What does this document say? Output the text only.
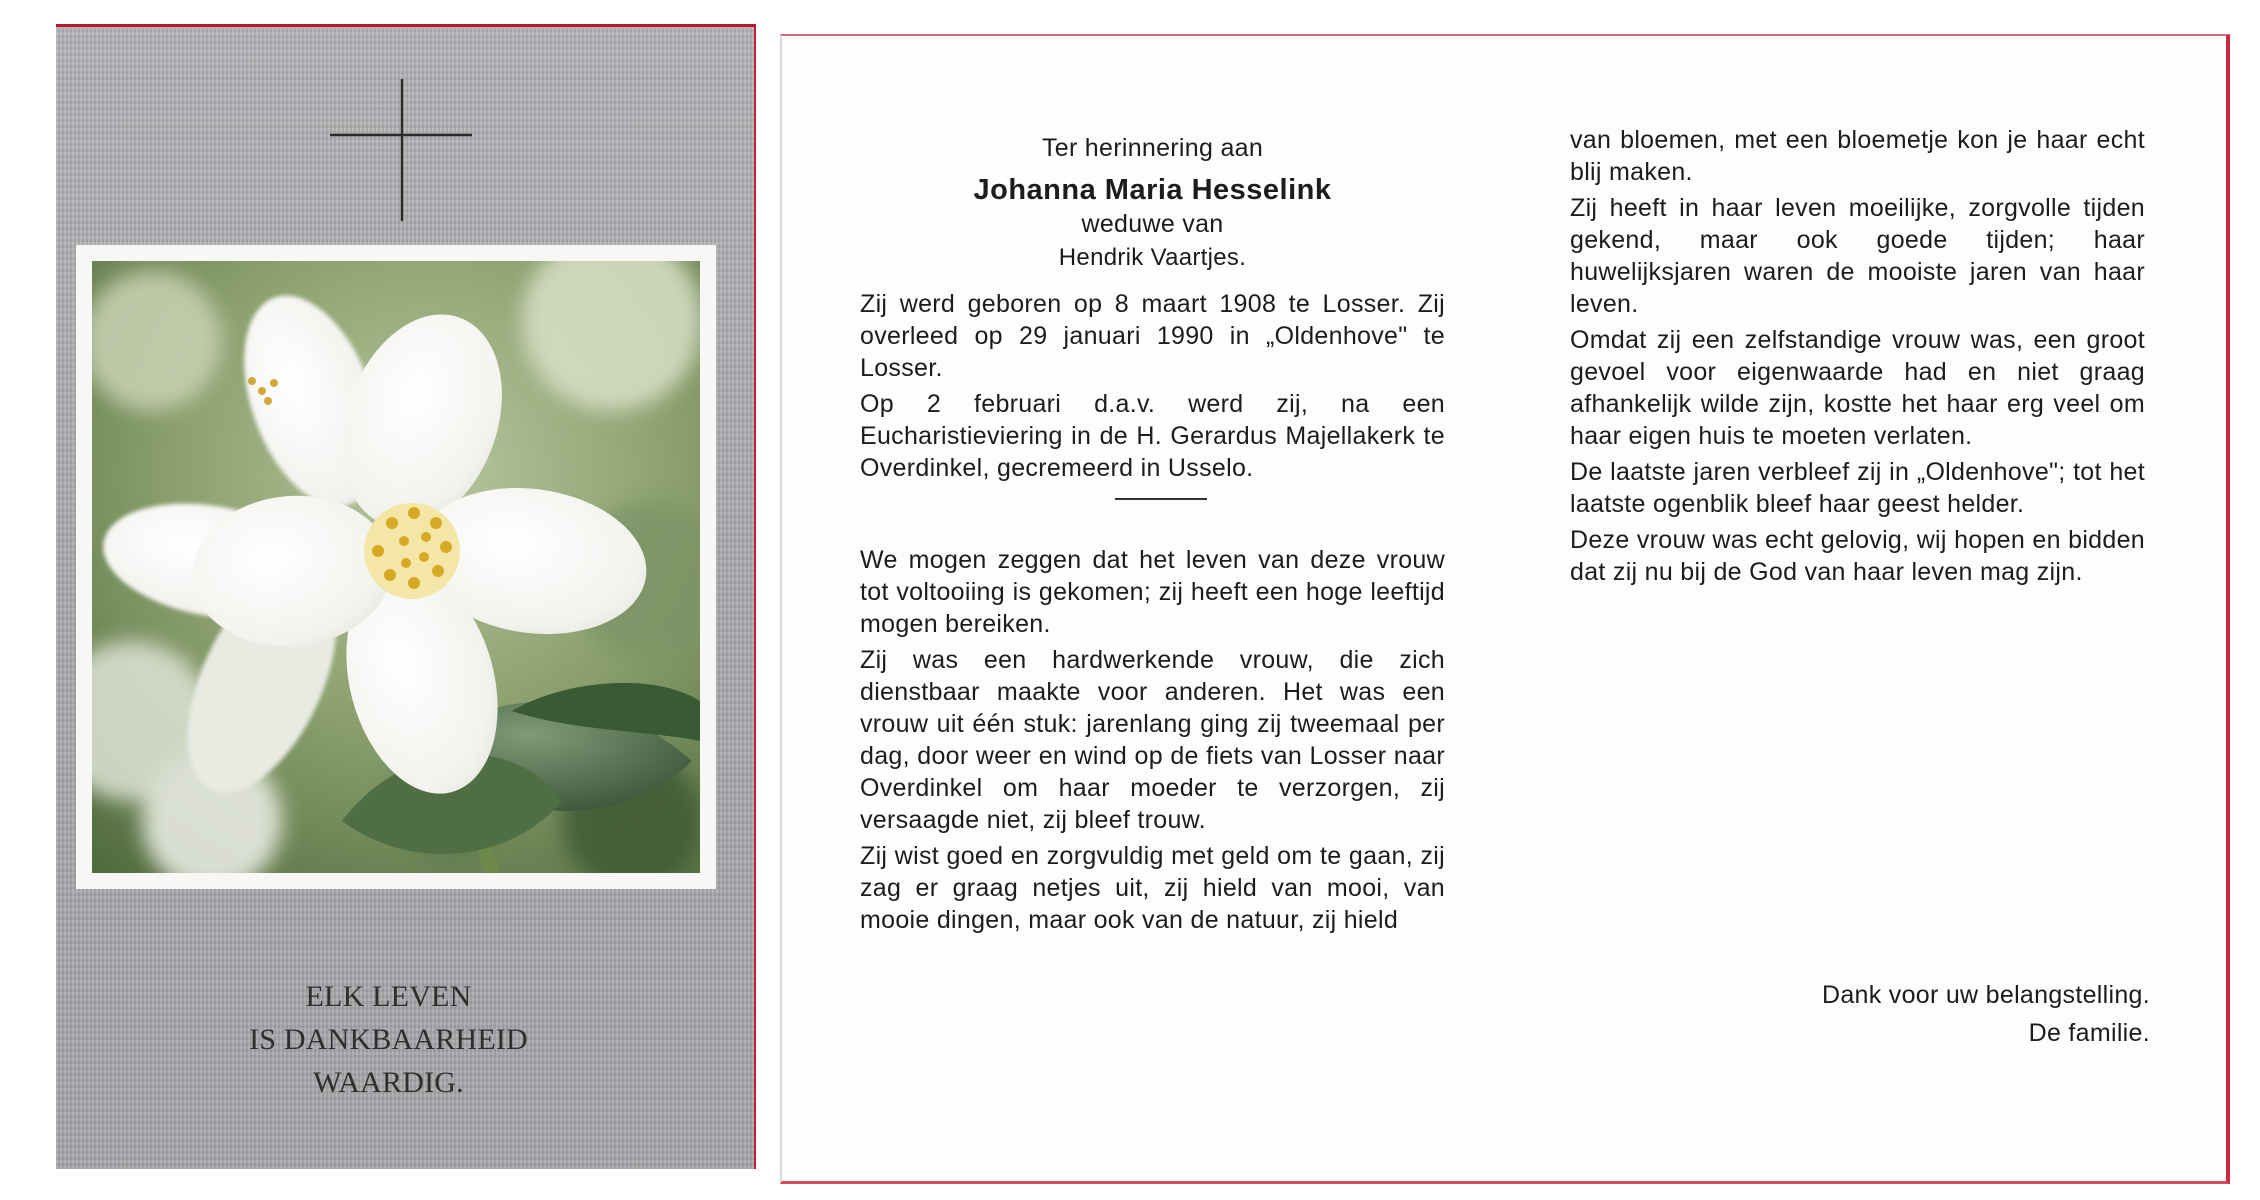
ELK LEVEN
IS DANKBAARHEID
WAARDIG.
Ter herinnering aan
Johanna Maria Hesselink
weduwe van
Hendrik Vaartjes.

Zij werd geboren op 8 maart 1908 te Losser. Zij overleed op 29 januari 1990 in „Oldenhove" te Losser.

Op 2 februari d.a.v. werd zij, na een Eucharistieviering in de H. Gerardus Majellakerk te Overdinkel, gecremeerd in Usselo.

We mogen zeggen dat het leven van deze vrouw tot voltooiing is gekomen; zij heeft een hoge leeftijd mogen bereiken.

Zij was een hardwerkende vrouw, die zich dienstbaar maakte voor anderen. Het was een vrouw uit één stuk: jarenlang ging zij tweemaal per dag, door weer en wind op de fiets van Losser naar Overdinkel om haar moeder te verzorgen, zij versaagde niet, zij bleef trouw.

Zij wist goed en zorgvuldig met geld om te gaan, zij zag er graag netjes uit, zij hield van mooi, van mooie dingen, maar ook van de natuur, zij hield

van bloemen, met een bloemetje kon je haar echt blij maken.

Zij heeft in haar leven moeilijke, zorgvolle tijden gekend, maar ook goede tijden; haar huwelijksjaren waren de mooiste jaren van haar leven.

Omdat zij een zelfstandige vrouw was, een groot gevoel voor eigenwaarde had en niet graag afhankelijk wilde zijn, kostte het haar erg veel om haar eigen huis te moeten verlaten.

De laatste jaren verbleef zij in „Oldenhove"; tot het laatste ogenblik bleef haar geest helder.

Deze vrouw was echt gelovig, wij hopen en bidden dat zij nu bij de God van haar leven mag zijn.

Dank voor uw belangstelling.
De familie.
